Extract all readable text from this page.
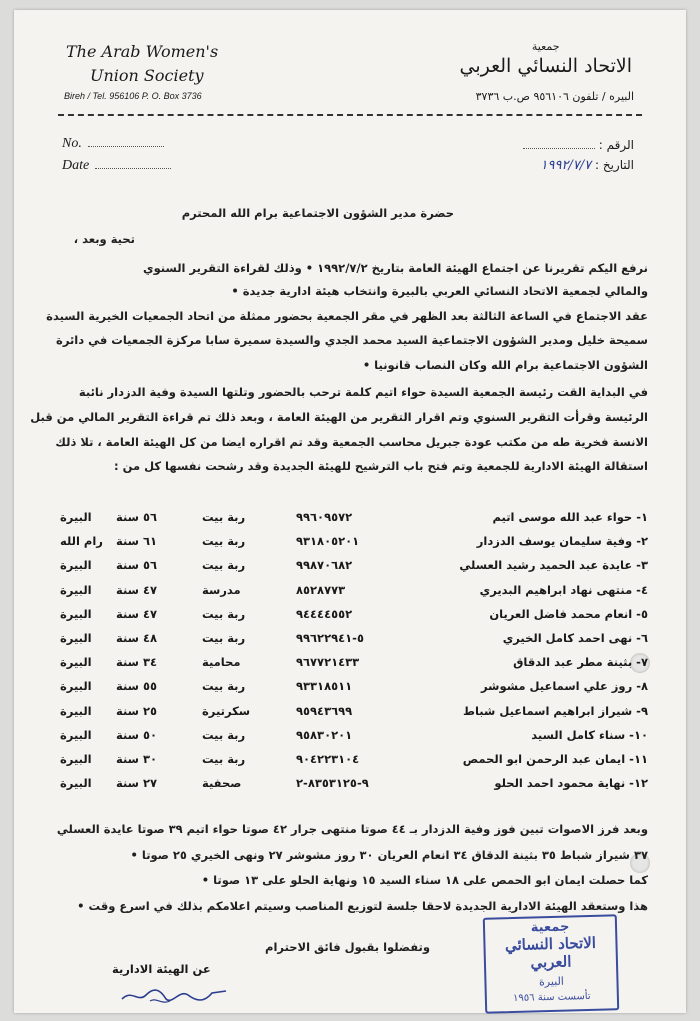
The Arab Women's
Union Society
Bireh / Tel. 956106 P. O. Box 3736
جمعية
الاتحاد النسائي العربي
البيره / تلفون ٩٥٦١٠٦ ص.ب ٣٧٣٦
No.
Date
الرقم :
التاريخ : ١٩٩٢/٧/٧
حضرة مدير الشؤون الاجتماعية برام الله المحترم
تحية وبعد ،
نرفع اليكم تقريرنا عن اجتماع الهيئة العامة بتاريخ ١٩٩٢/٧/٢ • وذلك لقراءة التقرير السنوي
والمالي لجمعية الاتحاد النسائي العربي بالبيرة وانتخاب هيئة ادارية جديدة •
عقد الاجتماع في الساعة الثالثة بعد الظهر في مقر الجمعية بحضور ممثلة من اتحاد الجمعيات الخيرية السيدة
سميحة خليل ومدير الشؤون الاجتماعية السيد محمد الجدي والسيدة سميرة سابا مركزة الجمعيات في دائرة
الشؤون الاجتماعية برام الله وكان النصاب قانونيا •
في البداية القت رئيسة الجمعية السيدة حواء اتيم كلمة ترحب بالحضور وتلتها السيدة وفية الدزدار نائبة
الرئيسة وقرأت التقرير السنوي وتم اقرار التقرير من الهيئة العامة ، وبعد ذلك تم قراءة التقرير المالي من قبل
الانسة فخرية طه من مكتب عودة جبريل محاسب الجمعية وقد تم اقراره ايضا من كل الهيئة العامة ، تلا ذلك
استقالة الهيئة الادارية للجمعية وتم فتح باب الترشيح للهيئة الجديدة وقد رشحت نفسها كل من :
١- حواء عبد الله موسى اتيم
٩٩٦٠٩٥٧٢
ربة بيت
٥٦ سنة
البيرة
٢- وفية سليمان يوسف الدزدار
٩٣١٨٠٥٢٠١
ربة بيت
٦١ سنة
رام الله
٣- عايدة عبد الحميد رشيد العسلي
٩٩٨٧٠٦٨٢
ربة بيت
٥٦ سنة
البيرة
٤- منتهى نهاد ابراهيم البديري
٨٥٢٨٧٧٣
مدرسة
٤٧ سنة
البيرة
٥- انعام محمد فاضل العريان
٩٤٤٤٤٥٥٢
ربة بيت
٤٧ سنة
البيرة
٦- نهى احمد كامل الخيري
٥-٩٩٦٢٢٩٤١
ربة بيت
٤٨ سنة
البيرة
٧- بثينة مطر عبد الدقاق
٩٦٧٧٢١٤٣٣
محامية
٣٤ سنة
البيرة
٨- روز علي اسماعيل مشوشر
٩٣٣١٨٥١١
ربة بيت
٥٥ سنة
البيرة
٩- شيراز ابراهيم اسماعيل شباط
٩٥٩٤٣٦٩٩
سكرتيرة
٢٥ سنة
البيرة
١٠- سناء كامل السيد
٩٥٨٣٠٢٠١
ربة بيت
٥٠ سنة
البيرة
١١- ايمان عبد الرحمن ابو الحمص
٩٠٤٢٢٣١٠٤
ربة بيت
٣٠ سنة
البيرة
١٢- نهاية محمود احمد الحلو
٩-٨٣٥٣١٢٥-٢
صحفية
٢٧ سنة
البيرة
وبعد فرز الاصوات تبين فوز وفية الدزدار بـ ٤٤ صوتا منتهى جرار ٤٢ صوتا حواء اتيم ٣٩ صوتا عايدة العسلي
٣٧ شيراز شباط ٣٥ بثينة الدقاق ٣٤ انعام العريان ٣٠ روز مشوشر ٢٧ ونهى الخيري ٢٥ صوتا •
كما حصلت ايمان ابو الحمص على ١٨ سناء السيد ١٥ ونهاية الحلو على ١٣ صوتا •
هذا وستعقد الهيئة الادارية الجديدة لاحقا جلسة لتوزيع المناصب وسيتم اعلامكم بذلك في اسرع وقت •
وتفضلوا بقبول فائق الاحترام
عن الهيئة الادارية
جمعية
الاتحاد النسائي العربي
البيرة
تأسست سنة ١٩٥٦
